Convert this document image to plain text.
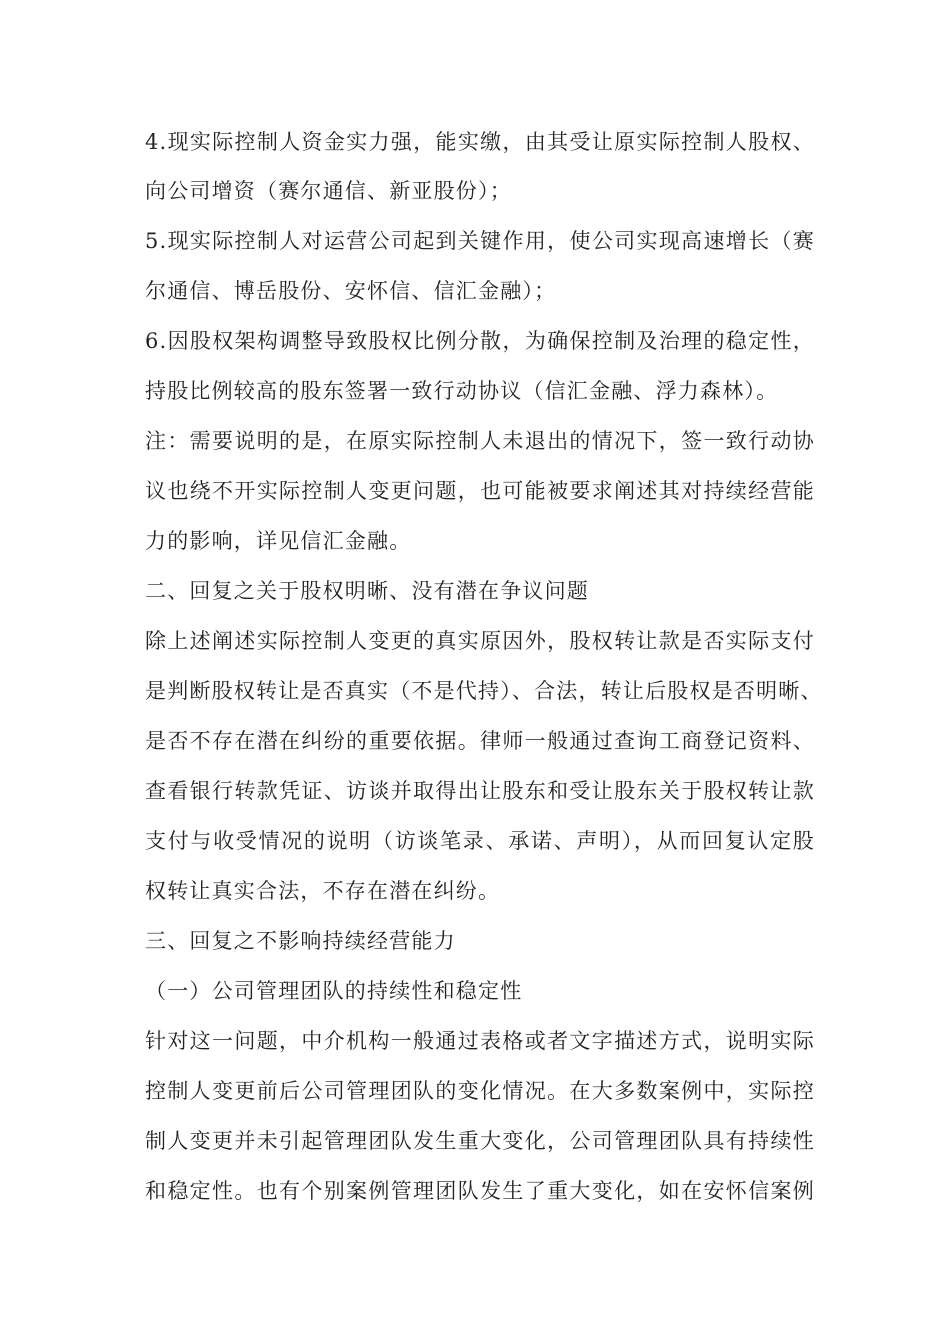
4.现实际控制人资金实力强，能实缴，由其受让原实际控制人股权、
向公司增资（赛尔通信、新亚股份）；
5.现实际控制人对运营公司起到关键作用，使公司实现高速增长（赛
尔通信、博岳股份、安怀信、信汇金融）；
6.因股权架构调整导致股权比例分散，为确保控制及治理的稳定性，
持股比例较高的股东签署一致行动协议（信汇金融、浮力森林）。
注：需要说明的是，在原实际控制人未退出的情况下，签一致行动协
议也绕不开实际控制人变更问题，也可能被要求阐述其对持续经营能
力的影响，详见信汇金融。
二、回复之关于股权明晰、没有潜在争议问题
除上述阐述实际控制人变更的真实原因外，股权转让款是否实际支付
是判断股权转让是否真实（不是代持）、合法，转让后股权是否明晰、
是否不存在潜在纠纷的重要依据。律师一般通过查询工商登记资料、
查看银行转款凭证、访谈并取得出让股东和受让股东关于股权转让款
支付与收受情况的说明（访谈笔录、承诺、声明），从而回复认定股
权转让真实合法，不存在潜在纠纷。
三、回复之不影响持续经营能力
（一）公司管理团队的持续性和稳定性
针对这一问题，中介机构一般通过表格或者文字描述方式，说明实际
控制人变更前后公司管理团队的变化情况。在大多数案例中，实际控
制人变更并未引起管理团队发生重大变化，公司管理团队具有持续性
和稳定性。也有个别案例管理团队发生了重大变化，如在安怀信案例
